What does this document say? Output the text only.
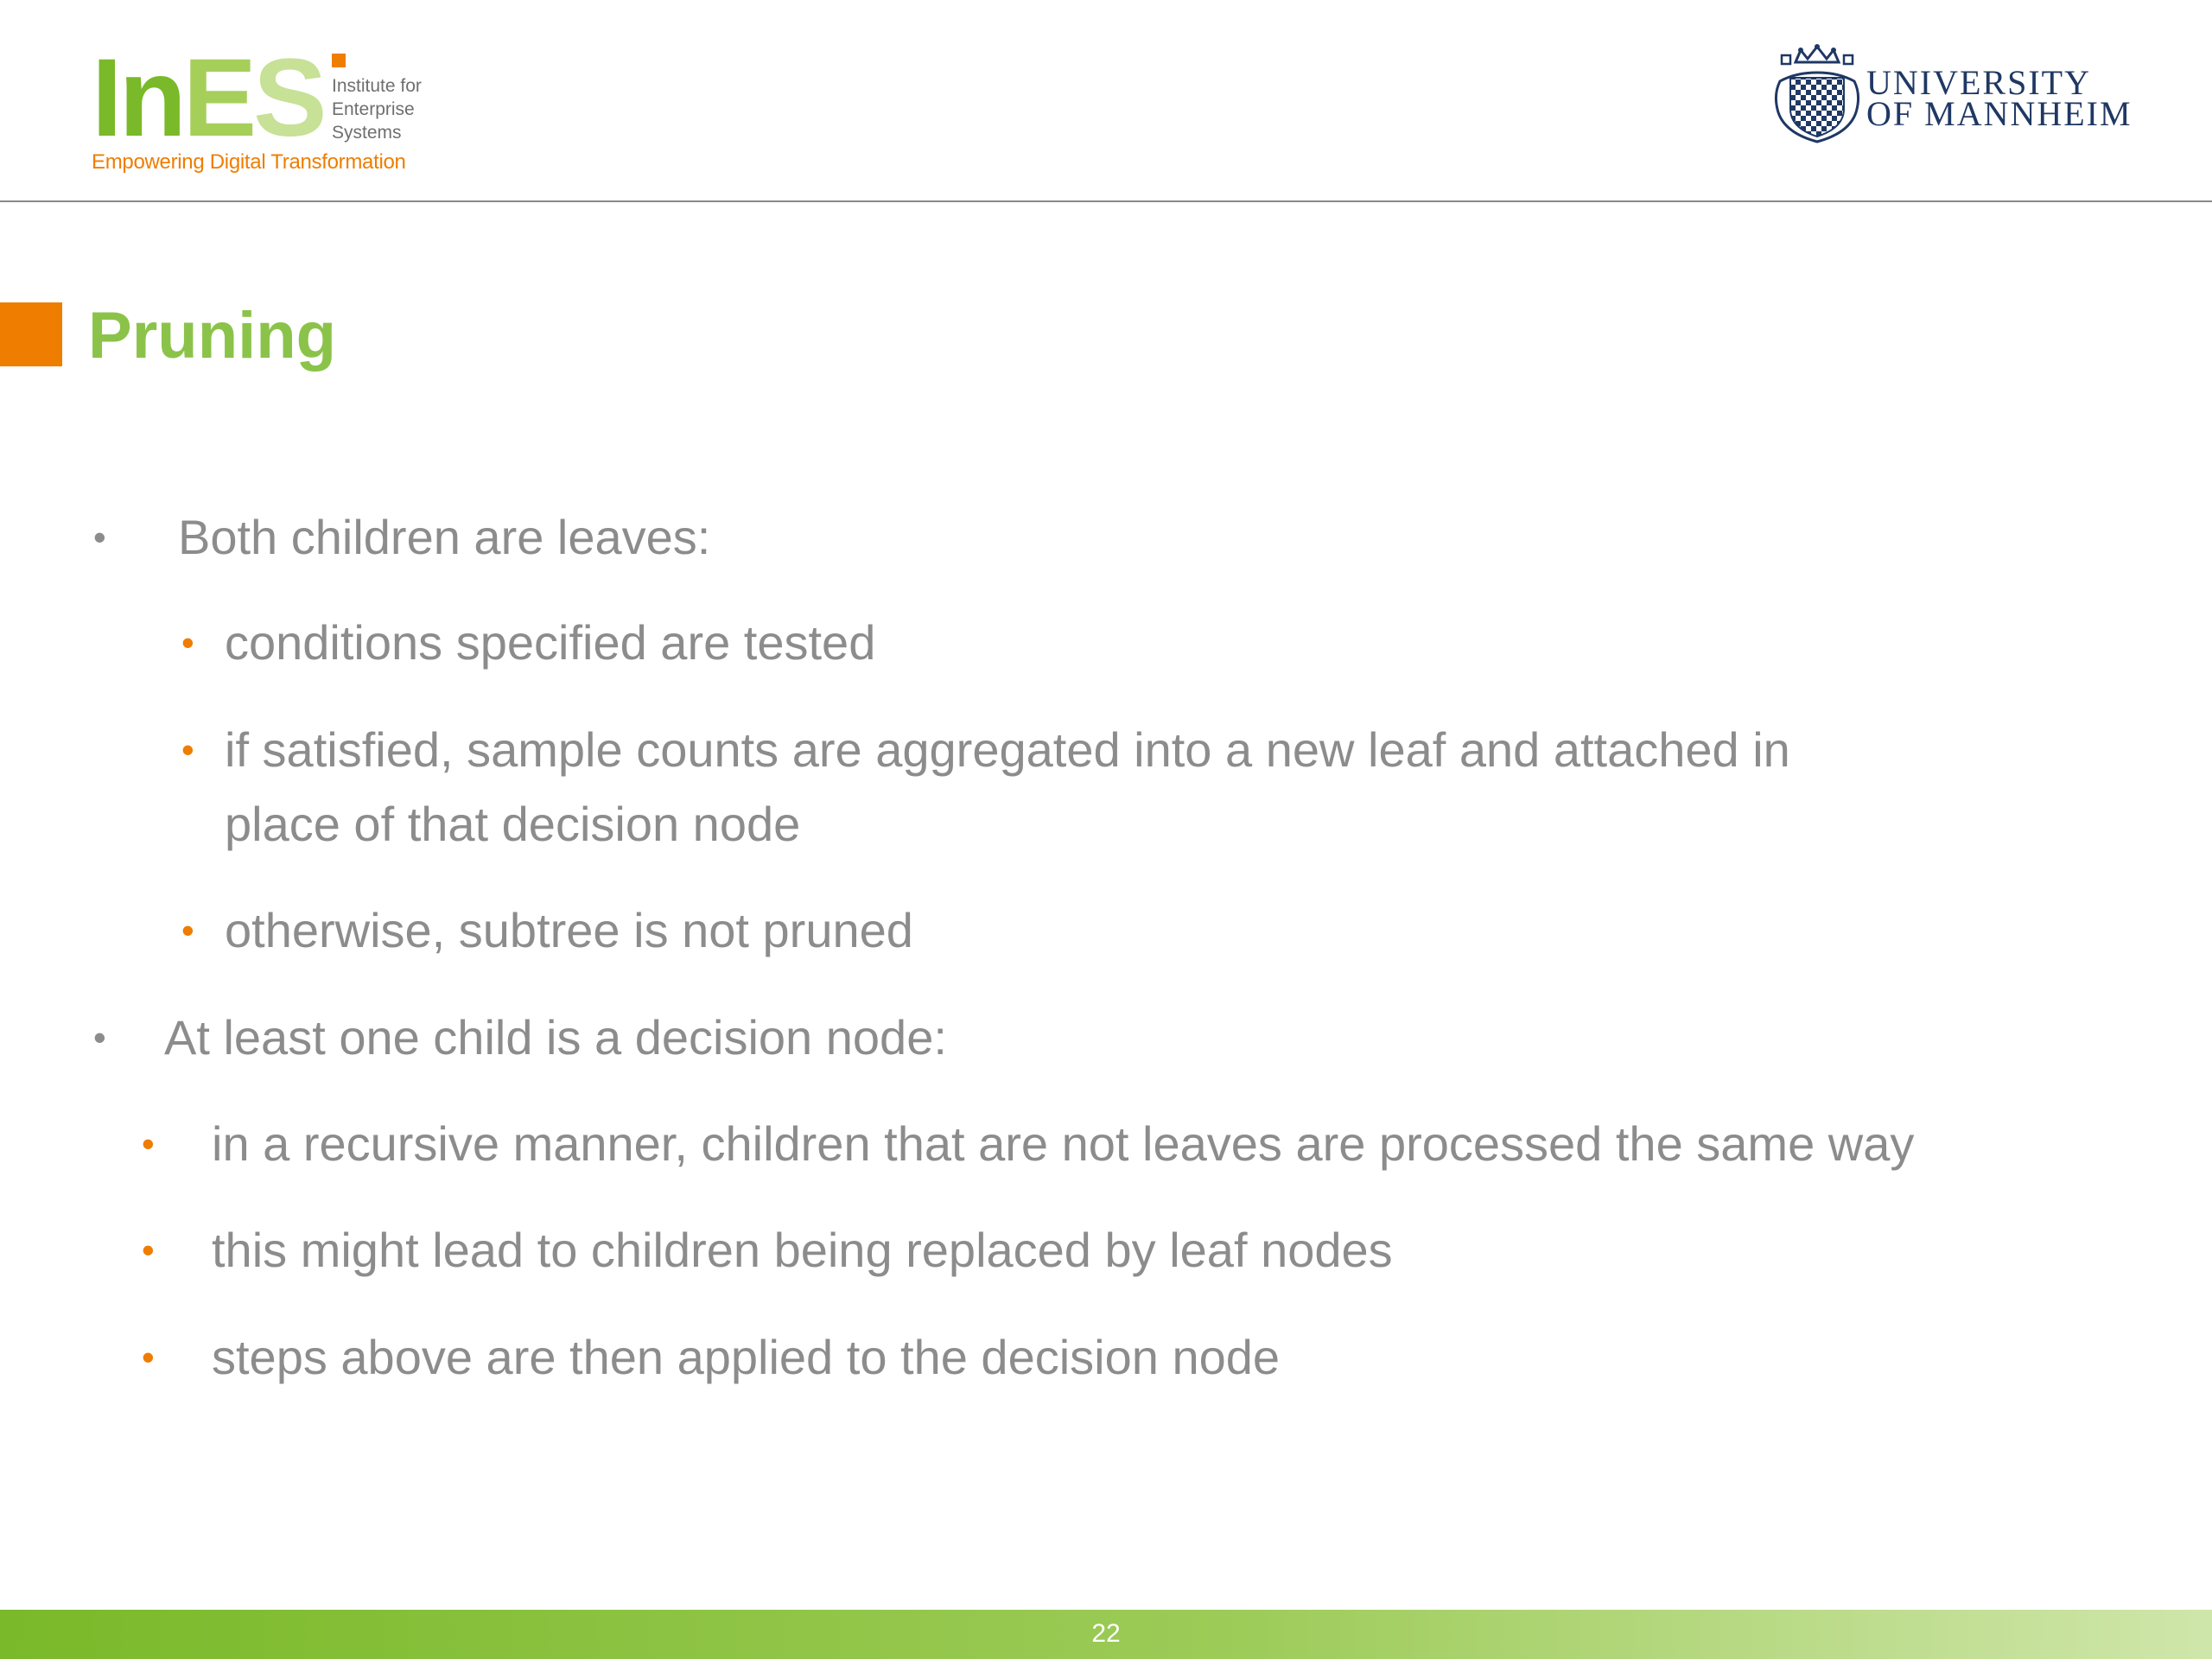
InES Institute for
Enterprise
Systems
Empowering Digital Transformation
UNIVERSITY
OF MANNHEIM
Pruning
• Both children are leaves:
• conditions specified are tested
• if satisfied, sample counts are aggregated into a new leaf and attached in
place of that decision node
• otherwise, subtree is not pruned
• At least one child is a decision node:
• in a recursive manner, children that are not leaves are processed the same way
• this might lead to children being replaced by leaf nodes
• steps above are then applied to the decision node
22
